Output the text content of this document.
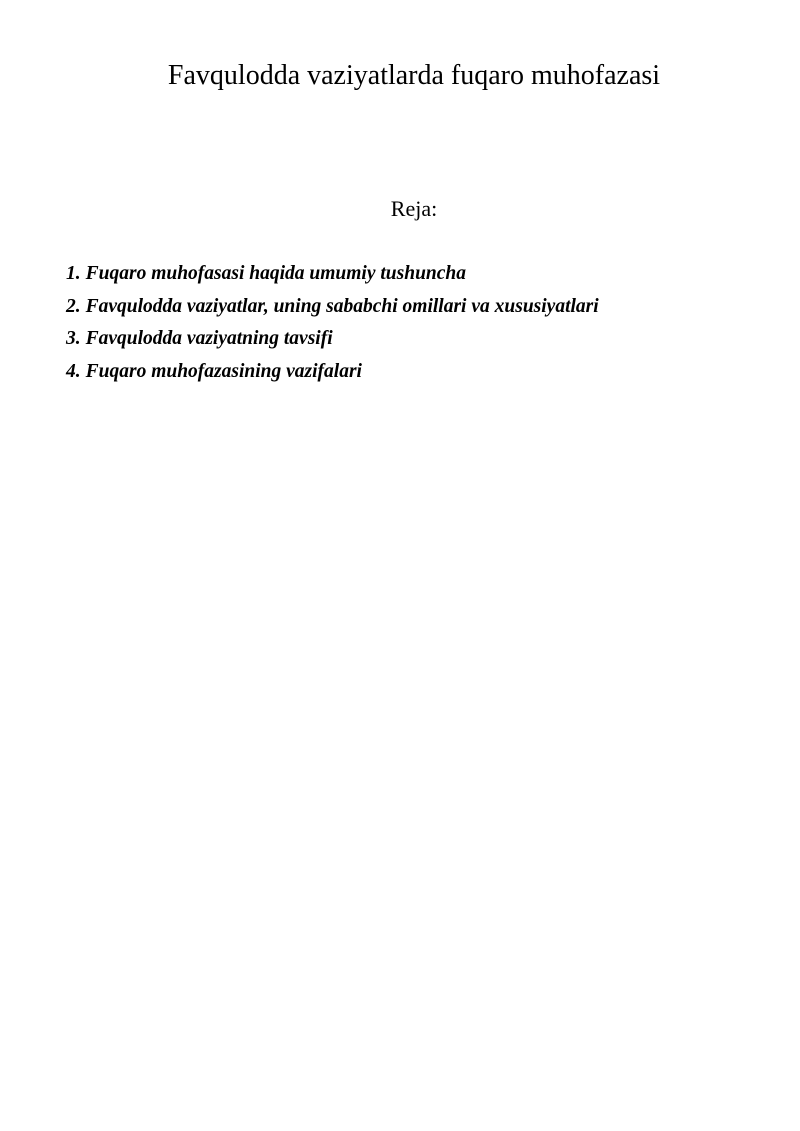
Favqulodda vaziyatlarda fuqaro muhofazasi

Reja:

1. Fuqaro muhofasasi haqida umumiy tushuncha
2. Favqulodda vaziyatlar, uning sababchi omillari va xususiyatlari
3. Favqulodda vaziyatning tavsifi
4. Fuqaro muhofazasining vazifalari
